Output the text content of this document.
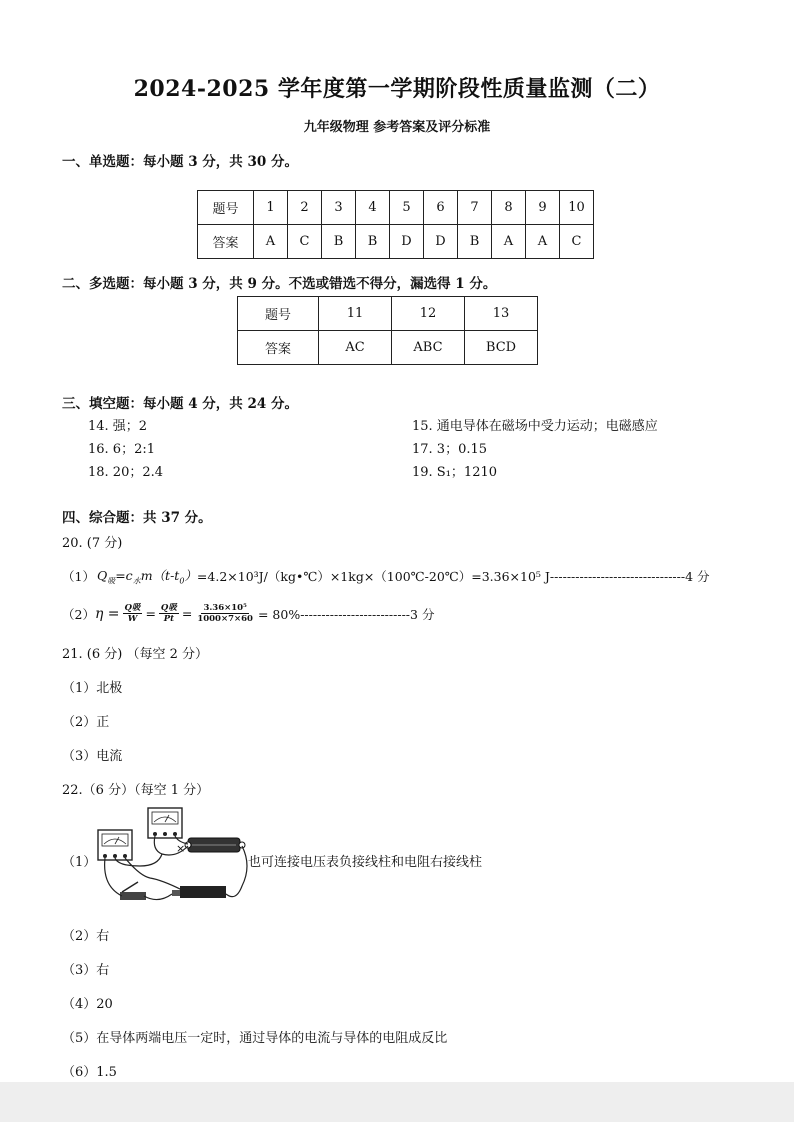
2024-2025 学年度第一学期阶段性质量监测（二）
九年级物理 参考答案及评分标准
一、单选题：每小题 3 分，共 30 分。
题号	1	2	3	4	5	6	7	8	9	10
答案	A	C	B	B	D	D	B	A	A	C
二、多选题：每小题 3 分，共 9 分。不选或错选不得分，漏选得 1 分。
题号	11	12	13
答案	AC	ABC	BCD
三、填空题：每小题 4 分，共 24 分。
14. 强；2	15. 通电导体在磁场中受力运动；电磁感应
16. 6；2:1	17. 3；0.15
18. 20；2.4	19. S₁；1210
四、综合题：共 37 分。
20. (7 分)
（1） $Q_吸=c_水m(t-t_0)$ =4.2×10³J/（kg•℃）×1kg×（100℃-20℃）=3.36×10⁵ J--------------------------------4 分
（2） $\eta = \frac{\text{Q吸}}{W} = \frac{\text{Q吸}}{Pt} = \frac{\text{3.36×10⁵}}{1000\times 7\times 60} = 80\%--------------------------3$ 分
21. (6 分) （每空 2 分）
（1）北极
（2）正
（3）电流
22.（6 分）（每空 1 分）
（1）
×
也可连接电压表负接线柱和电阻右接线柱
（2）右
（3）右
（4）20
（5）在导体两端电压一定时，通过导体的电流与导体的电阻成反比
（6）1.5
